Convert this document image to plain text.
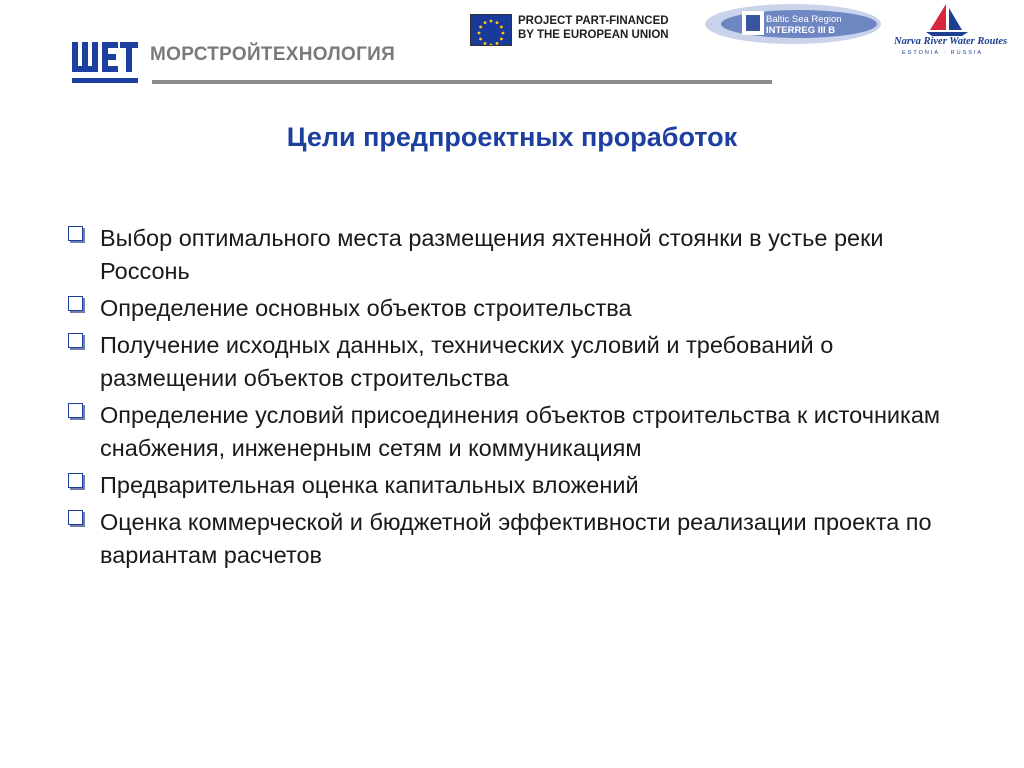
МОРСТРОЙТЕХНОЛОГИЯ
PROJECT PART-FINANCED
BY THE EUROPEAN UNION
Baltic Sea Region
INTERREG III B
Narva River Water Routes
ESTONIA · RUSSIA
Цели предпроектных проработок
Выбор оптимального места размещения яхтенной стоянки в устье реки Россонь
Определение основных объектов строительства
Получение исходных данных, технических условий и требований о размещении объектов строительства
Определение условий присоединения объектов строительства к источникам снабжения, инженерным сетям и коммуникациям
Предварительная оценка капитальных вложений
Оценка коммерческой и бюджетной эффективности реализации проекта по вариантам расчетов
